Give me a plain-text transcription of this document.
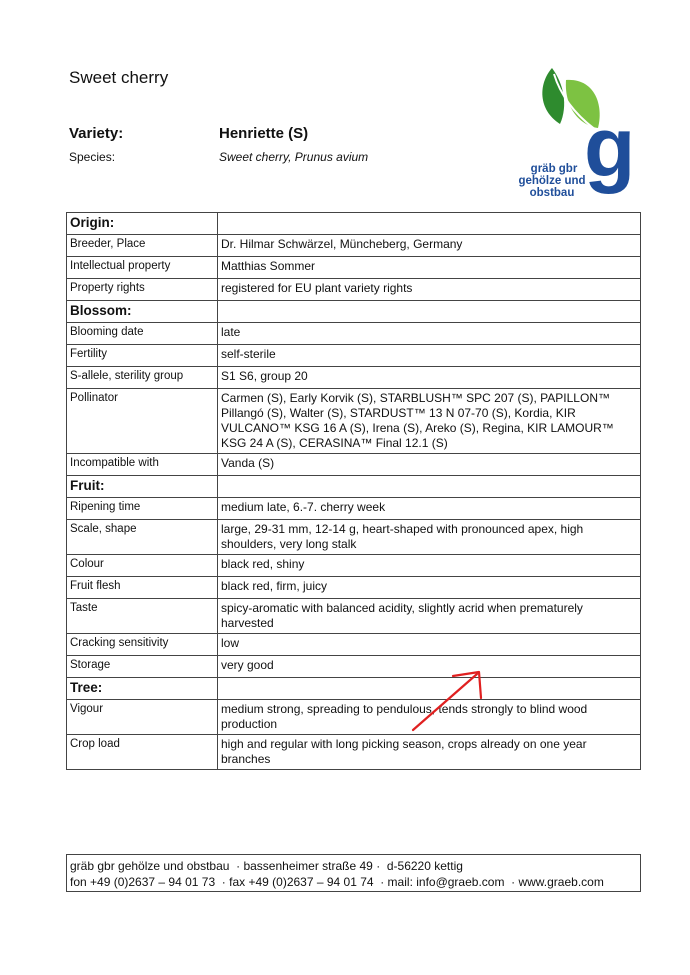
Sweet cherry
Variety:	Henriette (S)
Species:	Sweet cherry, Prunus avium	g
gräb gbr
gehölze und
obstbau
Origin:	
Breeder, Place	Dr. Hilmar Schwärzel, Müncheberg, Germany
Intellectual property	Matthias Sommer
Property rights	registered for EU plant variety rights
Blossom:	
Blooming date	late
Fertility	self-sterile
S-allele, sterility group	S1 S6, group 20
Pollinator	Carmen (S), Early Korvik (S), STARBLUSH™ SPC 207 (S), PAPILLON™ Pillangó (S), Walter (S), STARDUST™ 13 N 07-70 (S), Kordia, KIR VULCANO™ KSG 16 A (S), Irena (S), Areko (S), Regina, KIR LAMOUR™ KSG 24 A (S), CERASINA™ Final 12.1 (S)
Incompatible with	Vanda (S)
Fruit:	
Ripening time	medium late, 6.-7. cherry week
Scale, shape	large, 29-31 mm, 12-14 g, heart-shaped with pronounced apex, high shoulders, very long stalk
Colour	black red, shiny
Fruit flesh	black red, firm, juicy
Taste	spicy-aromatic with balanced acidity, slightly acrid when prematurely harvested
Cracking sensitivity	low
Storage	very good
Tree:	
Vigour	medium strong, spreading to pendulous, tends strongly to blind wood production
Crop load	high and regular with long picking season, crops already on one year branches
gräb gbr gehölze und obstbau  · bassenheimer straße 49 ·  d-56220 kettig
fon +49 (0)2637 – 94 01 73  · fax +49 (0)2637 – 94 01 74  · mail: info@graeb.com  · www.graeb.com
